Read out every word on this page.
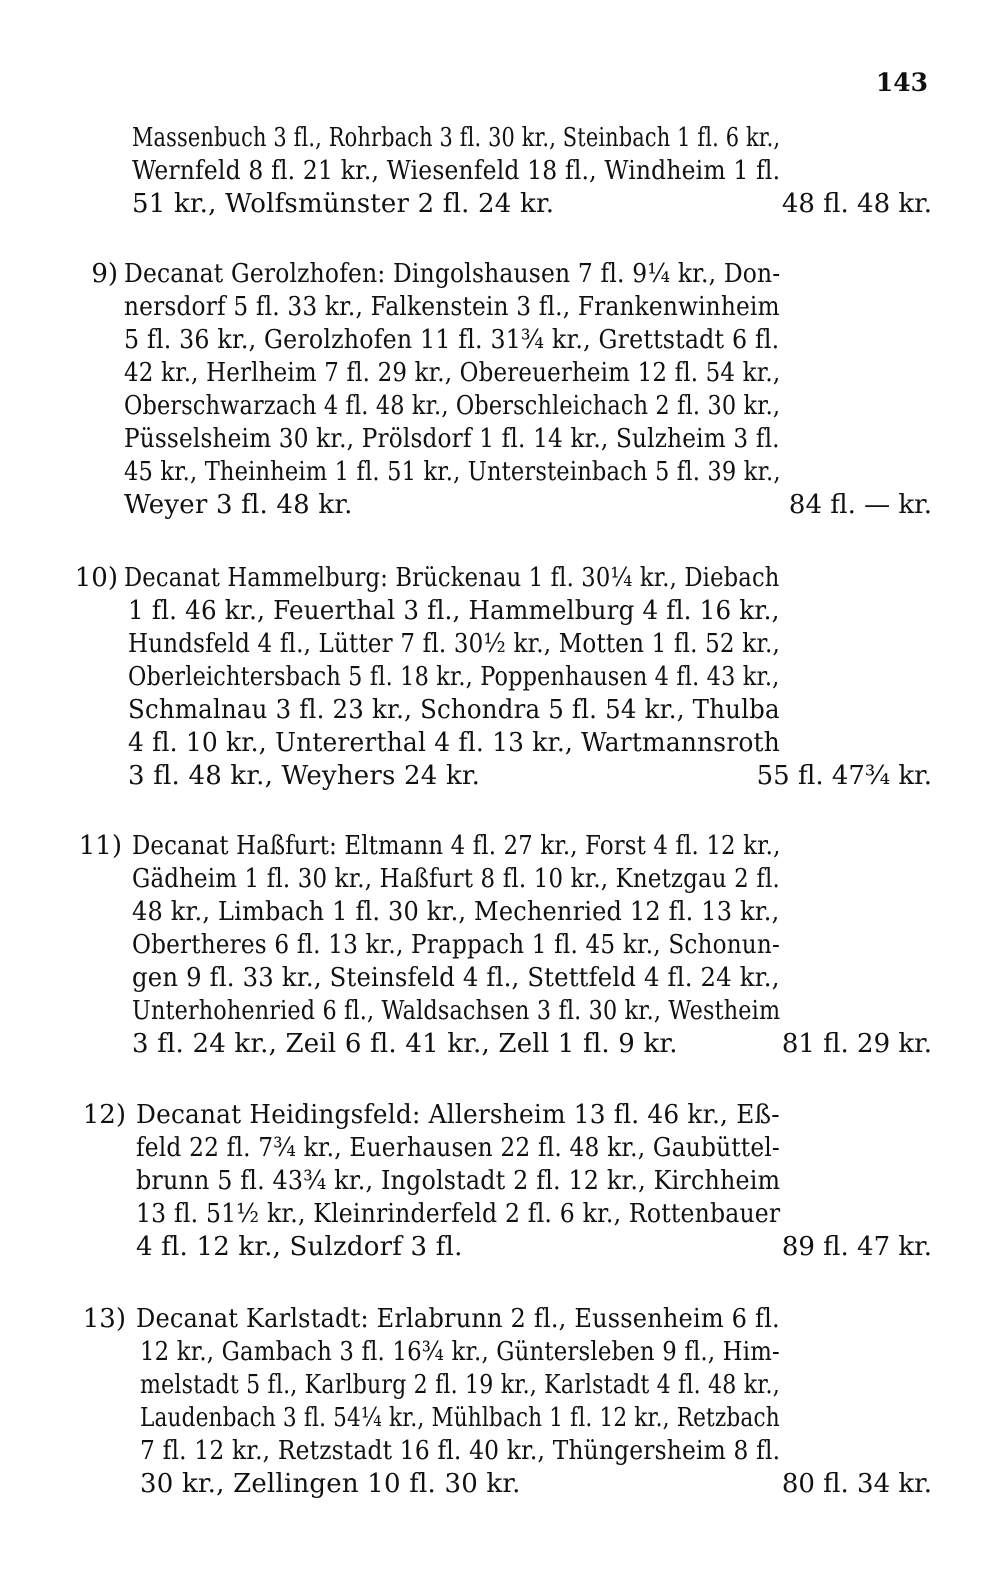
143
Massenbuch 3 fl., Rohrbach 3 fl. 30 kr., Steinbach 1 fl. 6 kr.,
Wernfeld 8 fl. 21 kr., Wiesenfeld 18 fl., Windheim 1 fl.
51 kr., Wolfsmünster 2 fl. 24 kr.	48 fl. 48 kr.
9) Decanat Gerolzhofen: Dingolshausen 7 fl. 9¼ kr., Don-
nersdorf 5 fl. 33 kr., Falkenstein 3 fl., Frankenwinheim
5 fl. 36 kr., Gerolzhofen 11 fl. 31¾ kr., Grettstadt 6 fl.
42 kr., Herlheim 7 fl. 29 kr., Obereuerheim 12 fl. 54 kr.,
Oberschwarzach 4 fl. 48 kr., Oberschleichach 2 fl. 30 kr.,
Püsselsheim 30 kr., Prölsdorf 1 fl. 14 kr., Sulzheim 3 fl.
45 kr., Theinheim 1 fl. 51 kr., Untersteinbach 5 fl. 39 kr.,
Weyer 3 fl. 48 kr.	84 fl. — kr.
10) Decanat Hammelburg: Brückenau 1 fl. 30¼ kr., Diebach
1 fl. 46 kr., Feuerthal 3 fl., Hammelburg 4 fl. 16 kr.,
Hundsfeld 4 fl., Lütter 7 fl. 30½ kr., Motten 1 fl. 52 kr.,
Oberleichtersbach 5 fl. 18 kr., Poppenhausen 4 fl. 43 kr.,
Schmalnau 3 fl. 23 kr., Schondra 5 fl. 54 kr., Thulba
4 fl. 10 kr., Untererthal 4 fl. 13 kr., Wartmannsroth
3 fl. 48 kr., Weyhers 24 kr.	55 fl. 47¾ kr.
11) Decanat Haßfurt: Eltmann 4 fl. 27 kr., Forst 4 fl. 12 kr.,
Gädheim 1 fl. 30 kr., Haßfurt 8 fl. 10 kr., Knetzgau 2 fl.
48 kr., Limbach 1 fl. 30 kr., Mechenried 12 fl. 13 kr.,
Obertheres 6 fl. 13 kr., Prappach 1 fl. 45 kr., Schonun-
gen 9 fl. 33 kr., Steinsfeld 4 fl., Stettfeld 4 fl. 24 kr.,
Unterhohenried 6 fl., Waldsachsen 3 fl. 30 kr., Westheim
3 fl. 24 kr., Zeil 6 fl. 41 kr., Zell 1 fl. 9 kr.	81 fl. 29 kr.
12) Decanat Heidingsfeld: Allersheim 13 fl. 46 kr., Eß-
feld 22 fl. 7¾ kr., Euerhausen 22 fl. 48 kr., Gaubüttel-
brunn 5 fl. 43¾ kr., Ingolstadt 2 fl. 12 kr., Kirchheim
13 fl. 51½ kr., Kleinrinderfeld 2 fl. 6 kr., Rottenbauer
4 fl. 12 kr., Sulzdorf 3 fl.	89 fl. 47 kr.
13) Decanat Karlstadt: Erlabrunn 2 fl., Eussenheim 6 fl.
12 kr., Gambach 3 fl. 16¾ kr., Güntersleben 9 fl., Him-
melstadt 5 fl., Karlburg 2 fl. 19 kr., Karlstadt 4 fl. 48 kr.,
Laudenbach 3 fl. 54¼ kr., Mühlbach 1 fl. 12 kr., Retzbach
7 fl. 12 kr., Retzstadt 16 fl. 40 kr., Thüngersheim 8 fl.
30 kr., Zellingen 10 fl. 30 kr.	80 fl. 34 kr.
